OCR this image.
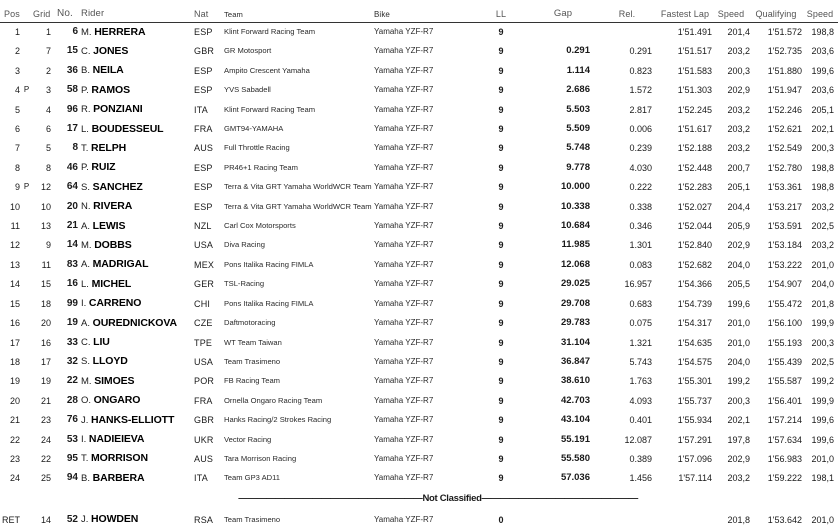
Pos		Grid	No.	Rider	Nat	Team	Bike	LL	Gap	Rel.	Fastest Lap	Speed	Qualifying	Speed
1		1	6	M. HERRERA	ESP	Klint Forward Racing Team	Yamaha YZF-R7	9			1'51.491	201,4	1'51.572	198,8
2		7	15	C. JONES	GBR	GR Motosport	Yamaha YZF-R7	9	0.291	0.291	1'51.517	203,2	1'52.735	203,6
3		2	36	B. NEILA	ESP	Ampito Crescent Yamaha	Yamaha YZF-R7	9	1.114	0.823	1'51.583	200,3	1'51.880	199,6
4	P	3	58	P. RAMOS	ESP	YVS Sabadell	Yamaha YZF-R7	9	2.686	1.572	1'51.303	202,9	1'51.947	203,6
5		4	96	R. PONZIANI	ITA	Klint Forward Racing Team	Yamaha YZF-R7	9	5.503	2.817	1'52.245	203,2	1'52.246	205,1
6		6	17	L. BOUDESSEUL	FRA	GMT94-YAMAHA	Yamaha YZF-R7	9	5.509	0.006	1'51.617	203,2	1'52.621	202,1
7		5	8	T. RELPH	AUS	Full Throttle Racing	Yamaha YZF-R7	9	5.748	0.239	1'52.188	203,2	1'52.549	200,3
8		8	46	P. RUIZ	ESP	PR46+1 Racing Team	Yamaha YZF-R7	9	9.778	4.030	1'52.448	200,7	1'52.780	198,8
9	P	12	64	S. SANCHEZ	ESP	Terra & Vita GRT Yamaha WorldWCR Team	Yamaha YZF-R7	9	10.000	0.222	1'52.283	205,1	1'53.361	198,8
10		10	20	N. RIVERA	ESP	Terra & Vita GRT Yamaha WorldWCR Team	Yamaha YZF-R7	9	10.338	0.338	1'52.027	204,4	1'53.217	203,2
11		13	21	A. LEWIS	NZL	Carl Cox Motorsports	Yamaha YZF-R7	9	10.684	0.346	1'52.044	205,9	1'53.591	202,5
12		9	14	M. DOBBS	USA	Diva Racing	Yamaha YZF-R7	9	11.985	1.301	1'52.840	202,9	1'53.184	203,2
13		11	83	A. MADRIGAL	MEX	Pons Italika Racing FIMLA	Yamaha YZF-R7	9	12.068	0.083	1'52.682	204,0	1'53.222	201,0
14		15	16	L. MICHEL	GER	TSL-Racing	Yamaha YZF-R7	9	29.025	16.957	1'54.366	205,5	1'54.907	204,0
15		18	99	I. CARRENO	CHI	Pons Italika Racing FIMLA	Yamaha YZF-R7	9	29.708	0.683	1'54.739	199,6	1'55.472	201,8
16		20	19	A. OUREDNICKOVA	CZE	Daftmotoracing	Yamaha YZF-R7	9	29.783	0.075	1'54.317	201,0	1'56.100	199,9
17		16	33	C. LIU	TPE	WT Team Taiwan	Yamaha YZF-R7	9	31.104	1.321	1'54.635	201,0	1'55.193	200,3
18		17	32	S. LLOYD	USA	Team Trasimeno	Yamaha YZF-R7	9	36.847	5.743	1'54.575	204,0	1'55.439	202,5
19		19	22	M. SIMOES	POR	FB Racing Team	Yamaha YZF-R7	9	38.610	1.763	1'55.301	199,2	1'55.587	199,2
20		21	28	O. ONGARO	FRA	Ornella Ongaro Racing Team	Yamaha YZF-R7	9	42.703	4.093	1'55.737	200,3	1'56.401	199,9
21		23	76	J. HANKS-ELLIOTT	GBR	Hanks Racing/2 Strokes Racing	Yamaha YZF-R7	9	43.104	0.401	1'55.934	202,1	1'57.214	199,6
22		24	53	I. NADIEIEVA	UKR	Vector Racing	Yamaha YZF-R7	9	55.191	12.087	1'57.291	197,8	1'57.634	199,6
23		22	95	T. MORRISON	AUS	Tara Morrison Racing	Yamaha YZF-R7	9	55.580	0.389	1'57.096	202,9	1'56.983	201,0
24		25	94	B. BARBERA	ITA	Team GP3 AD11	Yamaha YZF-R7	9	57.036	1.456	1'57.114	203,2	1'59.222	198,1

————————————————————Not Classified—————————————————														

RET		14	52	J. HOWDEN	RSA	Team Trasimeno	Yamaha YZF-R7	0				201,8	1'53.642	201,0
